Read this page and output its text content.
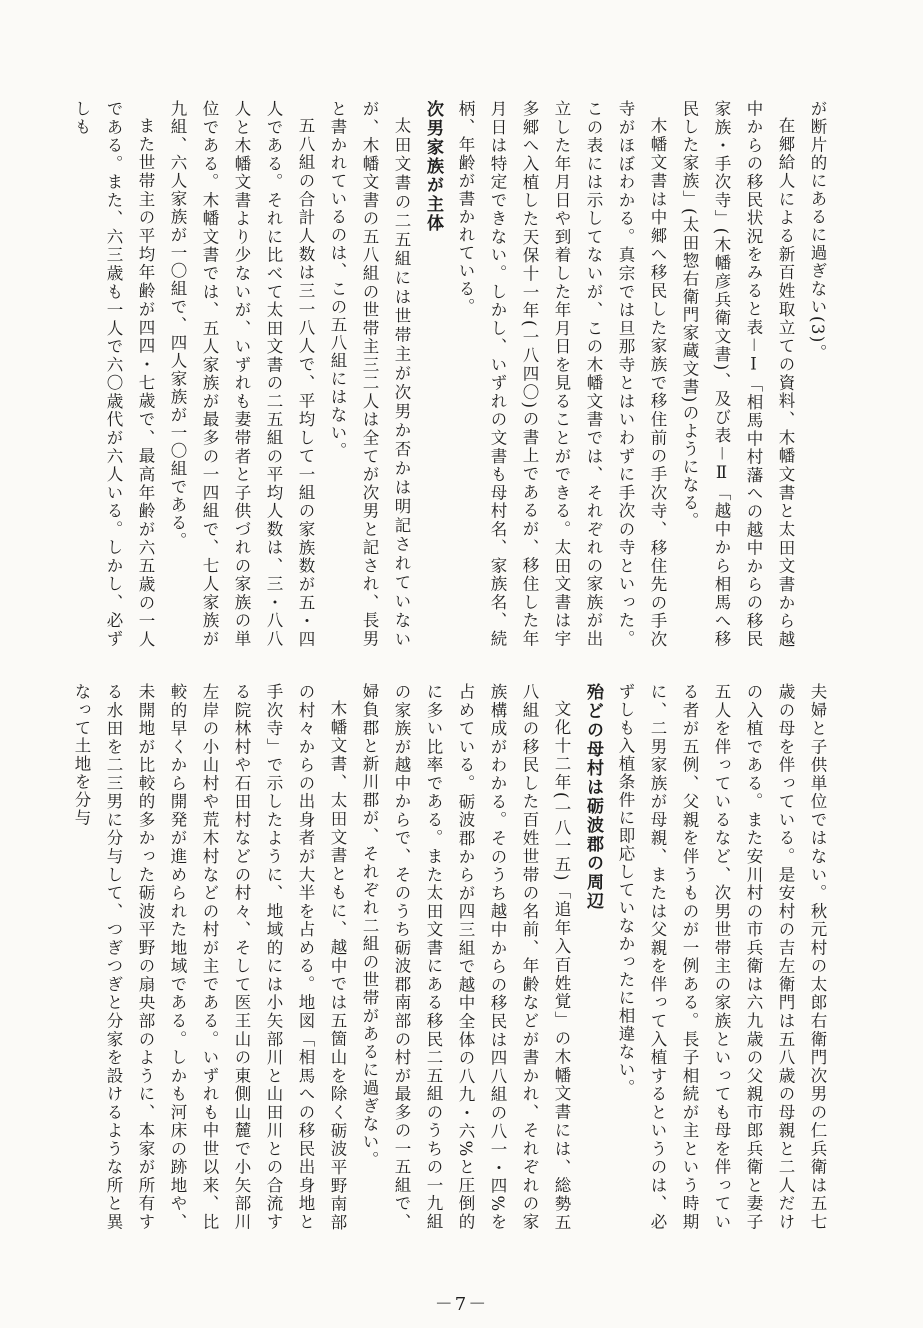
が断片的にあるに過ぎない(3)。

在郷給人による新百姓取立ての資料、木幡文書と太田文書から越中からの移民状況をみると表－Ⅰ「相馬中村藩への越中からの移民家族・手次寺」(木幡彦兵衛文書)、及び表－Ⅱ「越中から相馬へ移民した家族」(太田惣右衛門家蔵文書)のようになる。

木幡文書は中郷へ移民した家族で移住前の手次寺、移住先の手次寺がほぼわかる。真宗では旦那寺とはいわずに手次の寺といった。この表には示してないが、この木幡文書では、それぞれの家族が出立した年月日や到着した年月日を見ることができる。太田文書は宇多郷へ入植した天保十一年(一八四〇)の書上であるが、移住した年月日は特定できない。しかし、いずれの文書も母村名、家族名、続柄、年齢が書かれている。

次男家族が主体

太田文書の二五組には世帯主が次男か否かは明記されていないが、木幡文書の五八組の世帯主三二人は全てが次男と記され、長男と書かれているのは、この五八組にはない。

五八組の合計人数は三一八人で、平均して一組の家族数が五・四人である。それに比べて太田文書の二五組の平均人数は、三・八八人と木幡文書より少ないが、いずれも妻帯者と子供づれの家族の単位である。木幡文書では、五人家族が最多の一四組で、七人家族が九組、六人家族が一〇組で、四人家族が一〇組である。

また世帯主の平均年齢が四四・七歳で、最高年齢が六五歳の一人である。また、六三歳も一人で六〇歳代が六人いる。しかし、必ずしも

夫婦と子供単位ではない。秋元村の太郎右衛門次男の仁兵衛は五七歳の母を伴っている。是安村の吉左衛門は五八歳の母親と二人だけの入植である。また安川村の市兵衛は六九歳の父親市郎兵衛と妻子五人を伴っているなど、次男世帯主の家族といっても母を伴っている者が五例、父親を伴うものが一例ある。長子相続が主という時期に、二男家族が母親、または父親を伴って入植するというのは、必ずしも入植条件に即応していなかったに相違ない。

殆どの母村は砺波郡の周辺

文化十二年(一八一五)「追年入百姓覚」の木幡文書には、総勢五八組の移民した百姓世帯の名前、年齢などが書かれ、それぞれの家族構成がわかる。そのうち越中からの移民は四八組の八一・四%を占めている。砺波郡からが四三組で越中全体の八九・六%と圧倒的に多い比率である。また太田文書にある移民二五組のうちの一九組の家族が越中からで、そのうち砺波郡南部の村が最多の一五組で、婦負郡と新川郡が、それぞれ二組の世帯があるに過ぎない。

木幡文書、太田文書ともに、越中では五箇山を除く砺波平野南部の村々からの出身者が大半を占める。地図「相馬への移民出身地と手次寺」で示したように、地域的には小矢部川と山田川との合流する院林村や石田村などの村々、そして医王山の東側山麓で小矢部川左岸の小山村や荒木村などの村が主である。いずれも中世以来、比較的早くから開発が進められた地域である。しかも河床の跡地や、未開地が比較的多かった砺波平野の扇央部のように、本家が所有する水田を二三男に分与して、つぎつぎと分家を設けるような所と異なって土地を分与

－7－
